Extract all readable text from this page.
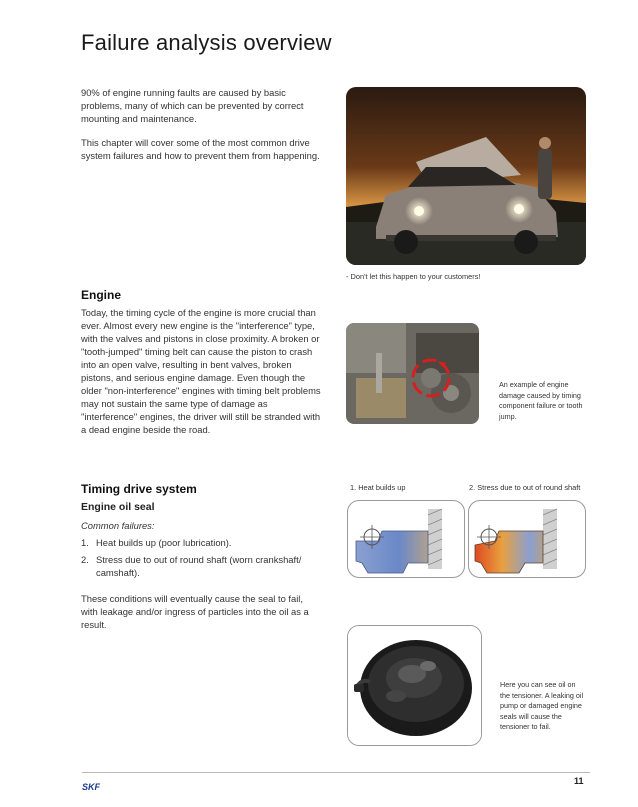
Failure analysis overview
90% of engine running faults are caused by basic problems, many of which can be prevented by correct mounting and maintenance.
This chapter will cover some of the most common drive system failures and how to prevent them from happening.
- Don't let this happen to your customers!
Engine
Today, the timing cycle of the engine is more crucial than ever. Almost every new engine is the "interference" type, with the valves and pistons in close proximity. A broken or "tooth-jumped" timing belt can cause the piston to crash into an open valve, resulting in bent valves, broken pistons, and serious engine damage. Even though the older "non-interference" engines with timing belt problems may not sustain the same type of damage as "interference" engines, the driver will still be stranded with a dead engine beside the road.
An example of engine damage caused by timing component failure or tooth jump.
Timing drive system
Engine oil seal
Common failures:
1. Heat builds up (poor lubrication).
2. Stress due to out of round shaft (worn crankshaft/ camshaft).
These conditions will eventually cause the seal to fail, with leakage and/or ingress of particles into the oil as a result.
1. Heat builds up	2. Stress due to out of round shaft
Here you can see oil on the tensioner. A leaking oil pump or damaged engine seals will cause the tensioner to fail.
SKF
11
